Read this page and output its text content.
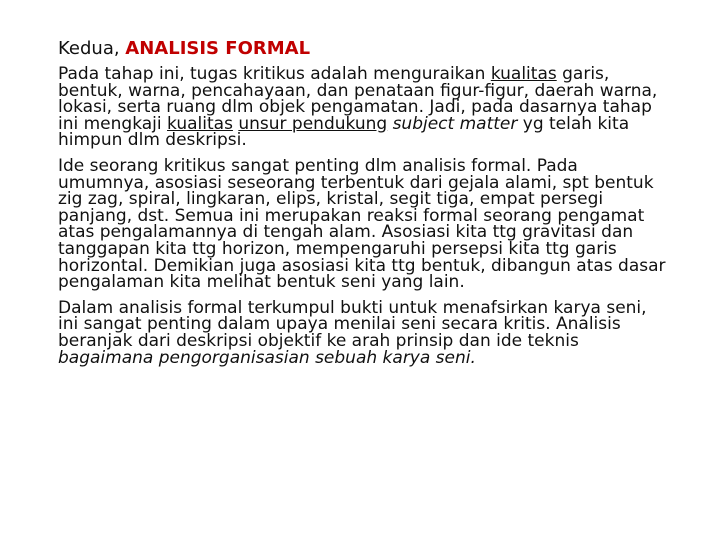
Kedua, ANALISIS FORMAL

Pada tahap ini, tugas kritikus adalah menguraikan kualitas garis, bentuk, warna, pencahayaan, dan penataan figur-figur, daerah warna, lokasi, serta ruang dlm objek pengamatan. Jadi, pada dasarnya tahap ini mengkaji kualitas unsur pendukung subject matter yg telah kita himpun dlm deskripsi.

Ide seorang kritikus sangat penting dlm analisis formal. Pada umumnya, asosiasi seseorang terbentuk dari gejala alami, spt bentuk zig zag, spiral, lingkaran, elips, kristal, segit tiga, empat persegi panjang, dst. Semua ini merupakan reaksi formal seorang pengamat atas pengalamannya di tengah alam. Asosiasi kita ttg gravitasi dan tanggapan kita ttg horizon, mempengaruhi persepsi kita ttg garis horizontal. Demikian juga asosiasi kita ttg bentuk, dibangun atas dasar pengalaman kita melihat bentuk seni yang lain.

Dalam analisis formal terkumpul bukti untuk menafsirkan karya seni, ini sangat penting dalam upaya menilai seni secara kritis. Analisis beranjak dari deskripsi objektif ke arah prinsip dan ide teknis bagaimana pengorganisasian sebuah karya seni.
